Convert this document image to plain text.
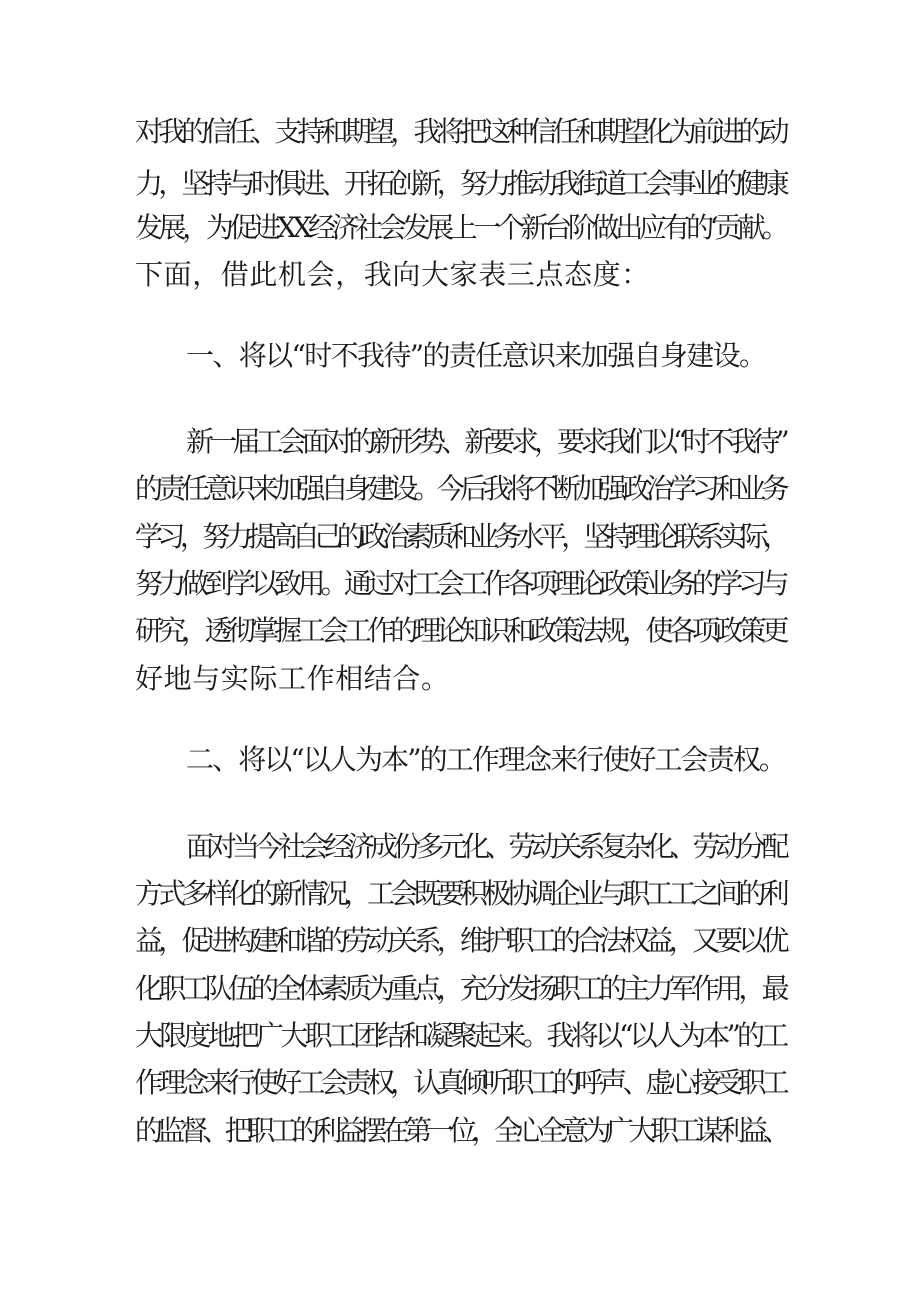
对我的信任、支持和期望，我将把这种信任和期望化为前进的动
力，坚持与时俱进、开拓创新，努力推动我街道工会事业的健康
发展，为促进XX经济社会发展上一个新台阶做出应有的‘贡献。
下面，借此机会，我向大家表三点态度：
一、将以“时不我待”的责任意识来加强自身建设。
新一届工会面对的新形势、新要求，要求我们以“时不我待”
的责任意识来加强自身建设。今后我将不断加强政治学习和业务
学习，努力提高自己的政治素质和业务水平，坚持理论联系实际，
努力做到学以致用。通过对工会工作各项理论政策业务的学习与
研究，透彻掌握工会工作的理论知识和政策法规，使各项政策更
好地与实际工作相结合。
二、将以“以人为本”的工作理念来行使好工会责权。
面对当今社会经济成份多元化、劳动关系复杂化、劳动分配
方式多样化的新情况，工会既要积极协调企业与职工工之间的利
益，促进构建和谐的劳动关系，维护职工的合法权益，又要以优
化职工队伍的全体素质为重点，充分发扬职工的主力军作用，最
大限度地把广大职工团结和凝聚起来。我将以“以人为本”的工
作理念来行使好工会责权，认真倾听职工的呼声、虚心接受职工
的监督、把职工的利益摆在第一位，全心全意为广大职工谋利益、
